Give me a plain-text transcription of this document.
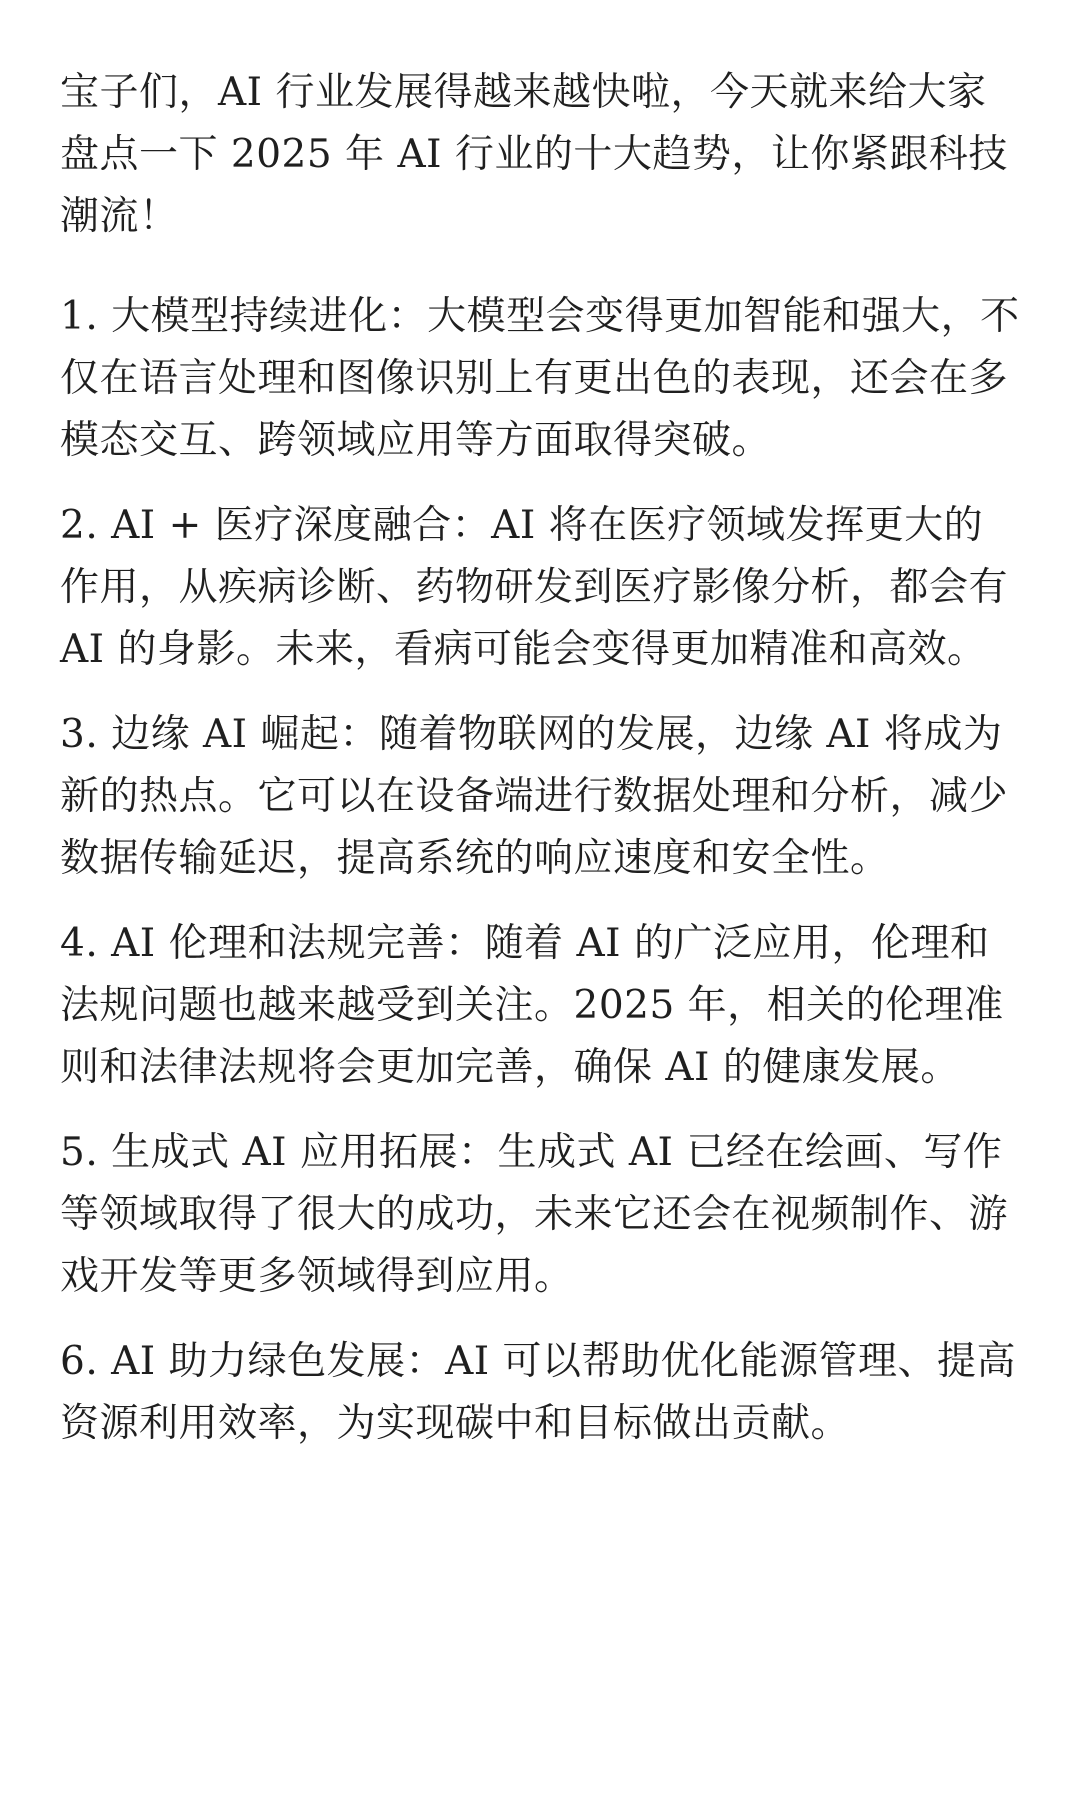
宝子们，AI 行业发展得越来越快啦，今天就来给大家盘点一下 2025 年 AI 行业的十大趋势，让你紧跟科技潮流！

1. 大模型持续进化：大模型会变得更加智能和强大，不仅在语言处理和图像识别上有更出色的表现，还会在多模态交互、跨领域应用等方面取得突破。

2. AI + 医疗深度融合：AI 将在医疗领域发挥更大的作用，从疾病诊断、药物研发到医疗影像分析，都会有 AI 的身影。未来，看病可能会变得更加精准和高效。

3. 边缘 AI 崛起：随着物联网的发展，边缘 AI 将成为新的热点。它可以在设备端进行数据处理和分析，减少数据传输延迟，提高系统的响应速度和安全性。

4. AI 伦理和法规完善：随着 AI 的广泛应用，伦理和法规问题也越来越受到关注。2025 年，相关的伦理准则和法律法规将会更加完善，确保 AI 的健康发展。

5. 生成式 AI 应用拓展：生成式 AI 已经在绘画、写作等领域取得了很大的成功，未来它还会在视频制作、游戏开发等更多领域得到应用。

6. AI 助力绿色发展：AI 可以帮助优化能源管理、提高资源利用效率，为实现碳中和目标做出贡献。
